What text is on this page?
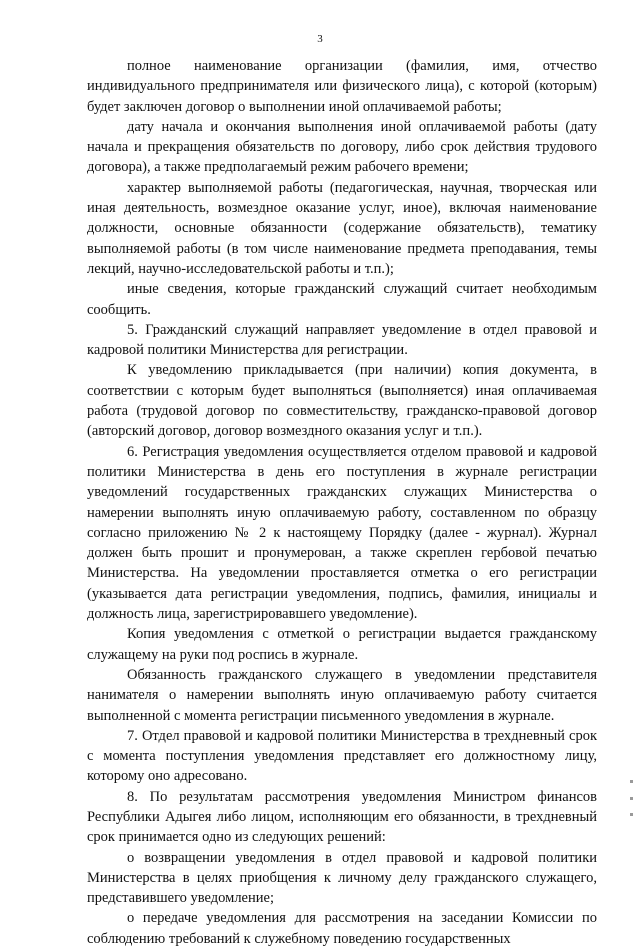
3

полное наименование организации (фамилия, имя, отчество индивидуального предпринимателя или физического лица), с которой (которым) будет заключен договор о выполнении иной оплачиваемой работы;

дату начала и окончания выполнения иной оплачиваемой работы (дату начала и прекращения обязательств по договору, либо срок действия трудового договора), а также предполагаемый режим рабочего времени;

характер выполняемой работы (педагогическая, научная, творческая или иная деятельность, возмездное оказание услуг, иное), включая наименование должности, основные обязанности (содержание обязательств), тематику выполняемой работы (в том числе наименование предмета преподавания, темы лекций, научно-исследовательской работы и т.п.);

иные сведения, которые гражданский служащий считает необходимым сообщить.

5. Гражданский служащий направляет уведомление в отдел правовой и кадровой политики Министерства для регистрации.

К уведомлению прикладывается (при наличии) копия документа, в соответствии с которым будет выполняться (выполняется) иная оплачиваемая работа (трудовой договор по совместительству, гражданско-правовой договор (авторский договор, договор возмездного оказания услуг и т.п.).

6. Регистрация уведомления осуществляется отделом правовой и кадровой политики Министерства в день его поступления в журнале регистрации уведомлений государственных гражданских служащих Министерства о намерении выполнять иную оплачиваемую работу, составленном по образцу согласно приложению № 2 к настоящему Порядку (далее - журнал). Журнал должен быть прошит и пронумерован, а также скреплен гербовой печатью Министерства. На уведомлении проставляется отметка о его регистрации (указывается дата регистрации уведомления, подпись, фамилия, инициалы и должность лица, зарегистрировавшего уведомление).

Копия уведомления с отметкой о регистрации выдается гражданскому служащему на руки под роспись в журнале.

Обязанность гражданского служащего в уведомлении представителя нанимателя о намерении выполнять иную оплачиваемую работу считается выполненной с момента регистрации письменного уведомления в журнале.

7. Отдел правовой и кадровой политики Министерства в трехдневный срок с момента поступления уведомления представляет его должностному лицу, которому оно адресовано.

8. По результатам рассмотрения уведомления Министром финансов Республики Адыгея либо лицом, исполняющим его обязанности, в трехдневный срок принимается одно из следующих решений:

о возвращении уведомления в отдел правовой и кадровой политики Министерства в целях приобщения к личному делу гражданского служащего, представившего уведомление;

о передаче уведомления для рассмотрения на заседании Комиссии по соблюдению требований к служебному поведению государственных
